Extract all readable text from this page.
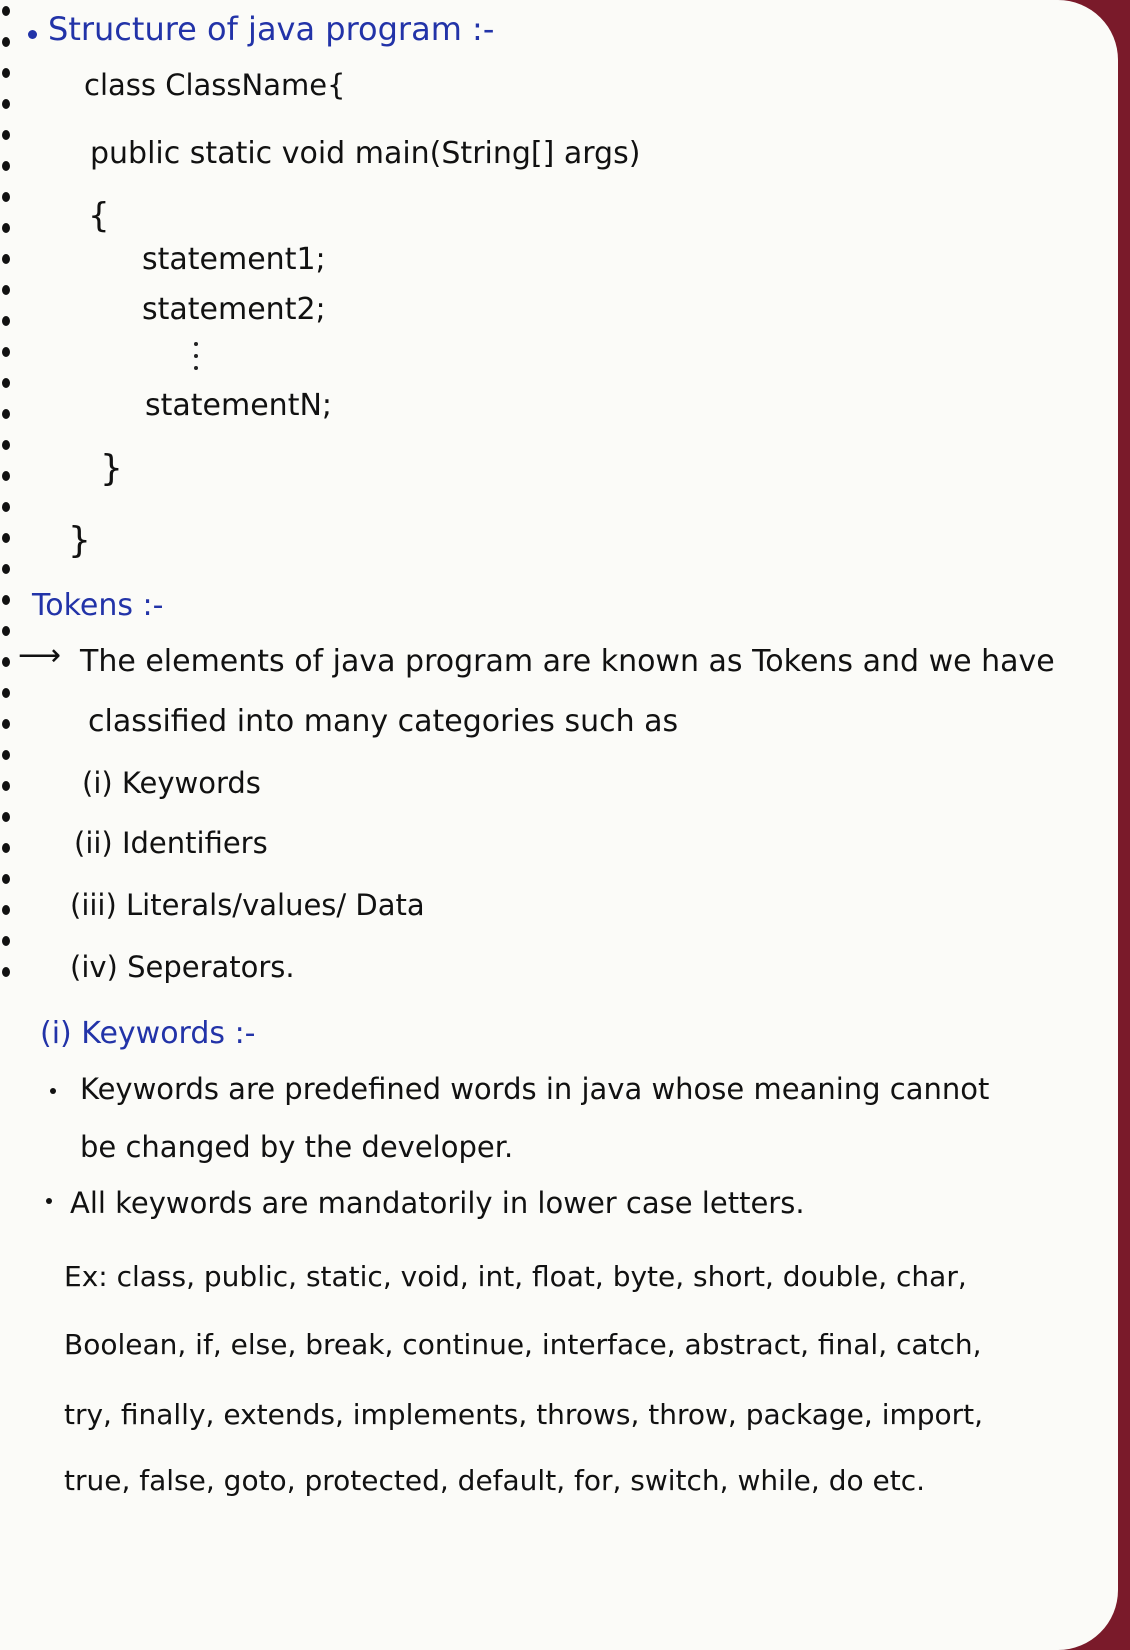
Structure of java program :-
class ClassName{
public static void main(String[] args)
{
statement1;
statement2;
statementN;
}
}
Tokens :-
⟶ The elements of java program are known as Tokens and we have
classified into many categories such as
(i) Keywords
(ii) Identifiers
(iii) Literals/values/ Data
(iv) Seperators.
(i) Keywords :-
Keywords are predefined words in java whose meaning cannot
be changed by the developer.
All keywords are mandatorily in lower case letters.
Ex: class, public, static, void, int, float, byte, short, double, char,
Boolean, if, else, break, continue, interface, abstract, final, catch,
try, finally, extends, implements, throws, throw, package, import,
true, false, goto, protected, default, for, switch, while, do etc.
